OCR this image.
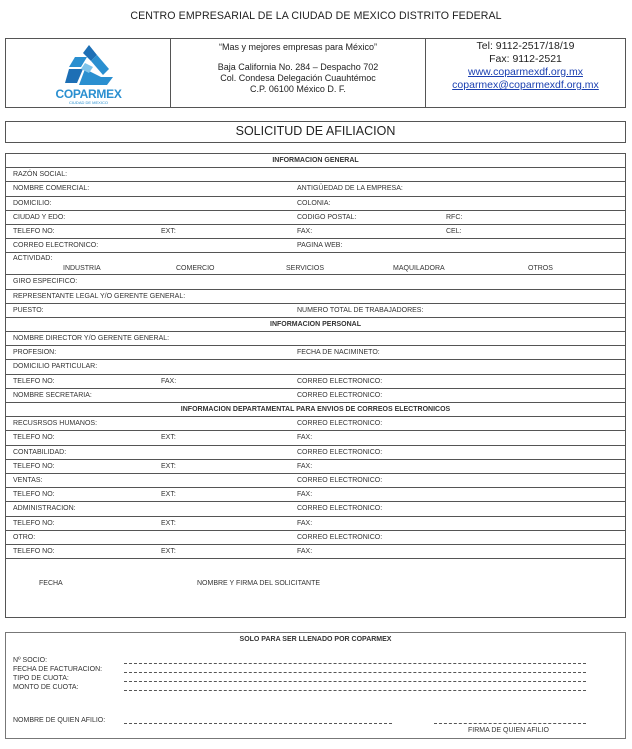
CENTRO EMPRESARIAL DE LA CIUDAD DE MEXICO DISTRITO FEDERAL
COPARMEX
CIUDAD DE MEXICO
“Mas y mejores empresas para México”
Baja California No. 284 – Despacho 702
Col. Condesa Delegación Cuauhtémoc
C.P. 06100 México D. F.
Tel: 9112-2517/18/19
Fax: 9112-2521
www.coparmexdf.org.mx
coparmex@coparmexdf.org.mx
SOLICITUD DE AFILIACION
INFORMACION GENERAL
RAZÓN SOCIAL:
NOMBRE COMERCIAL:	ANTIGÜEDAD DE LA EMPRESA:
DOMICILIO:	COLONIA:
CIUDAD Y EDO:	CODIGO POSTAL:	RFC:
TELEFO NO:	EXT:	FAX:	CEL:
CORREO ELECTRONICO:	PAGINA WEB:
ACTIVIDAD:
INDUSTRIA	COMERCIO	SERVICIOS	MAQUILADORA	OTROS
GIRO ESPECIFICO:
REPRESENTANTE LEGAL Y/O GERENTE GENERAL:
PUESTO:	NUMERO TOTAL DE TRABAJADORES:
INFORMACION PERSONAL
NOMBRE DIRECTOR Y/O GERENTE GENERAL:
PROFESION:	FECHA DE NACIMINETO:
DOMICILIO PARTICULAR:
TELEFO NO:	FAX:	CORREO ELECTRONICO:
NOMBRE SECRETARIA:	CORREO ELECTRONICO:
INFORMACION DEPARTAMENTAL PARA ENVIOS DE CORREOS ELECTRONICOS
RECUSRSOS HUMANOS:	CORREO ELECTRONICO:
TELEFO NO:	EXT:	FAX:
CONTABILIDAD:	CORREO ELECTRONICO:
TELEFO NO:	EXT:	FAX:
VENTAS:	CORREO ELECTRONICO:
TELEFO NO:	EXT:	FAX:
ADMINISTRACION:	CORREO ELECTRONICO:
TELEFO NO:	EXT:	FAX:
OTRO:	CORREO ELECTRONICO:
TELEFO NO:	EXT:	FAX:
FECHA	NOMBRE Y FIRMA DEL SOLICITANTE
SOLO PARA SER LLENADO POR COPARMEX
Nº SOCIO:
FECHA DE FACTURACION:
TIPO DE CUOTA:
MONTO DE CUOTA:
NOMBRE DE QUIEN AFILIO:
FIRMA DE QUIEN AFILIO
